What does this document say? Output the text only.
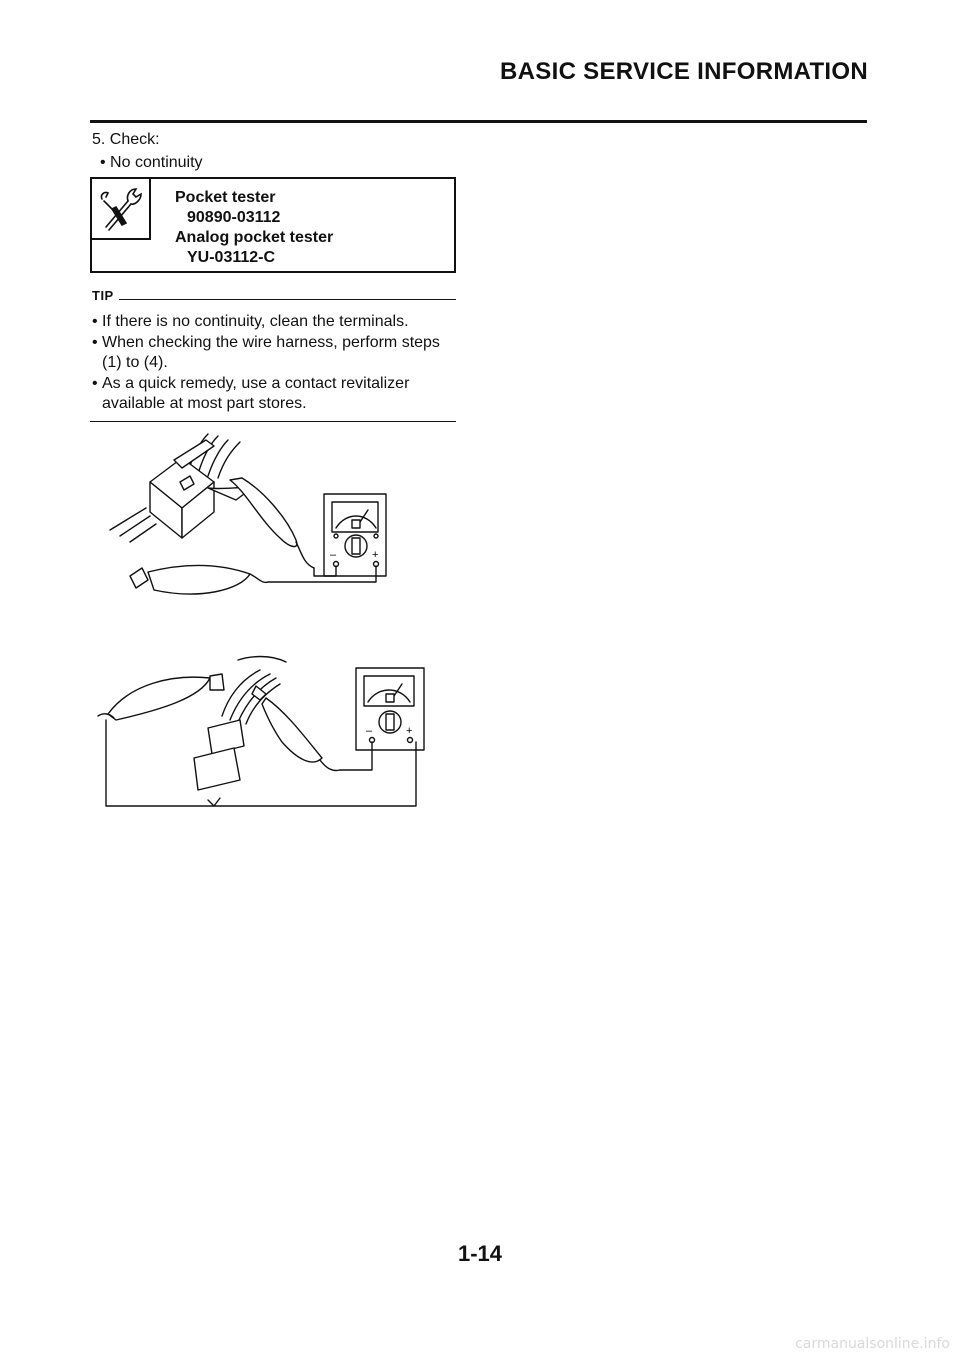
BASIC SERVICE INFORMATION
5. Check:
• No continuity
Pocket tester
90890-03112
Analog pocket tester
YU-03112-C
TIP
• If there is no continuity, clean the terminals.
• When checking the wire harness, perform steps (1) to (4).
• As a quick remedy, use a contact revitalizer available at most part stores.
–	+
–	+
1-14
carmanualsonline.info
